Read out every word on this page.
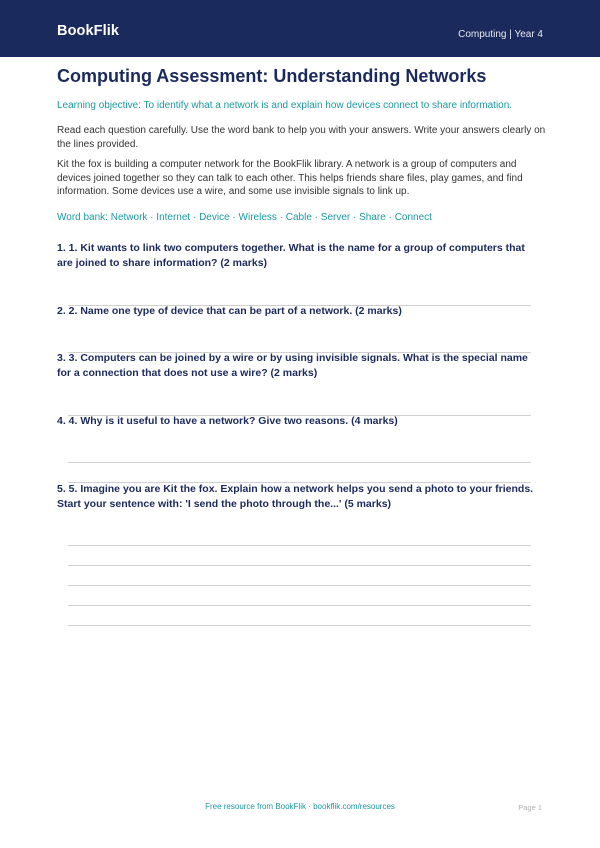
BookFlik	Computing | Year 4
Computing Assessment: Understanding Networks
Learning objective: To identify what a network is and explain how devices connect to share information.

Read each question carefully. Use the word bank to help you with your answers. Write your answers clearly on the lines provided.

Kit the fox is building a computer network for the BookFlik library. A network is a group of computers and devices joined together so they can talk to each other. This helps friends share files, play games, and find information. Some devices use a wire, and some use invisible signals to link up.

Word bank: Network · Internet · Device · Wireless · Cable · Server · Share · Connect

1. 1. Kit wants to link two computers together. What is the name for a group of computers that are joined to share information? (2 marks)

2. 2. Name one type of device that can be part of a network. (2 marks)

3. 3. Computers can be joined by a wire or by using invisible signals. What is the special name for a connection that does not use a wire? (2 marks)

4. 4. Why is it useful to have a network? Give two reasons. (4 marks)

5. 5. Imagine you are Kit the fox. Explain how a network helps you send a photo to your friends. Start your sentence with: 'I send the photo through the...' (5 marks)

Free resource from BookFlik · bookflik.com/resources	Page 1
